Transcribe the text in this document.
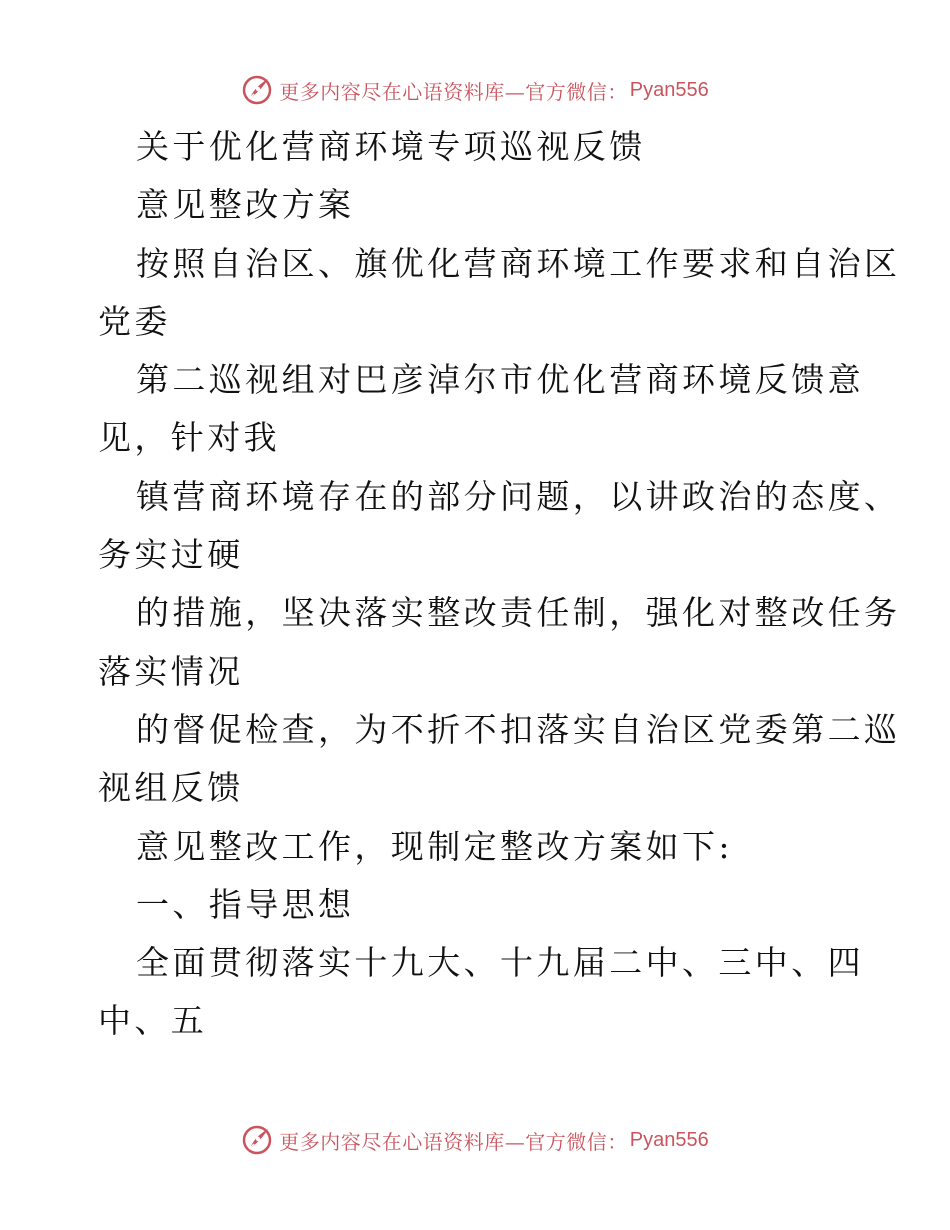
更多内容尽在心语资料库—官方微信： Pyan556
关于优化营商环境专项巡视反馈
意见整改方案
按照自治区、旗优化营商环境工作要求和自治区
党委
第二巡视组对巴彦淖尔市优化营商环境反馈意
见，针对我
镇营商环境存在的部分问题，以讲政治的态度、
务实过硬
的措施，坚决落实整改责任制，强化对整改任务
落实情况
的督促检查，为不折不扣落实自治区党委第二巡
视组反馈
意见整改工作，现制定整改方案如下:
一、指导思想
全面贯彻落实十九大、十九届二中、三中、四
中、五
更多内容尽在心语资料库—官方微信： Pyan556
